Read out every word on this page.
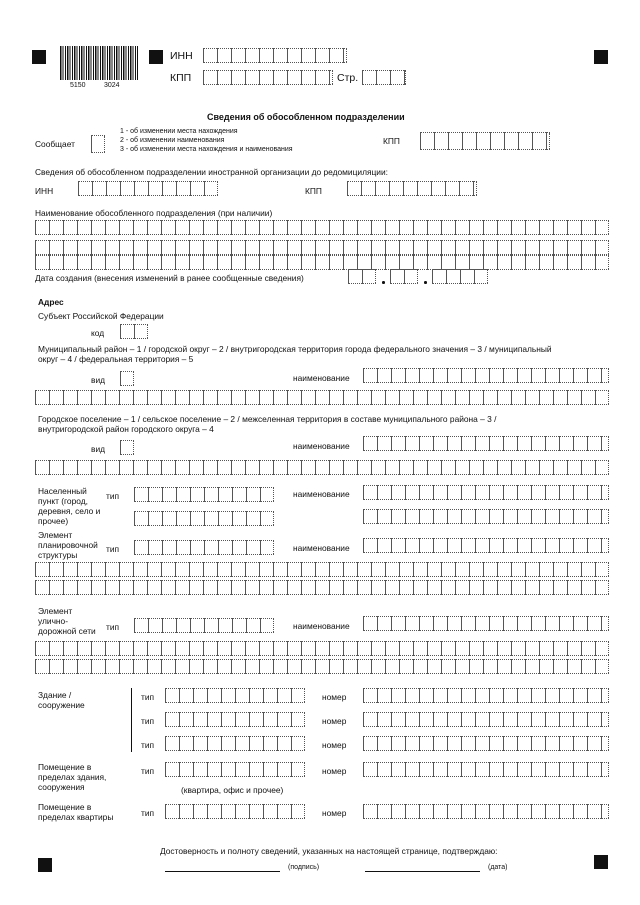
5150	3024
ИНН
КПП	Стр.
Сведения об обособленном подразделении
Сообщает
1 - об изменении места нахождения
2 - об изменении наименования
3 - об изменении места нахождения и наименования
КПП
Сведения об обособленном подразделении иностранной организации до редомициляции:
ИНН	КПП
Наименование обособленного подразделения (при наличии)
Дата создания (внесения изменений в ранее сообщенные сведения)
Адрес
Субъект Российской Федерации
код
Муниципальный район – 1 / городской округ – 2 / внутригородская территория города федерального значения – 3 / муниципальный округ – 4 / федеральная территория – 5
вид	наименование
Городское поселение – 1 / сельское поселение – 2 / межселенная территория в составе муниципального района – 3 / внутригородской район городского округа – 4
вид	наименование
Населенный пункт (город, деревня, село и прочее)
тип	наименование
Элемент планировочной структуры
тип	наименование
Элемент улично-дорожной сети	тип	наименование
Здание / сооружение
тип	номер
тип	номер
тип	номер
Помещение в пределах здания, сооружения
тип	номер
(квартира, офис и прочее)
Помещение в пределах квартиры	тип	номер
Достоверность и полноту сведений, указанных на настоящей странице, подтверждаю:
(подпись)	(дата)
